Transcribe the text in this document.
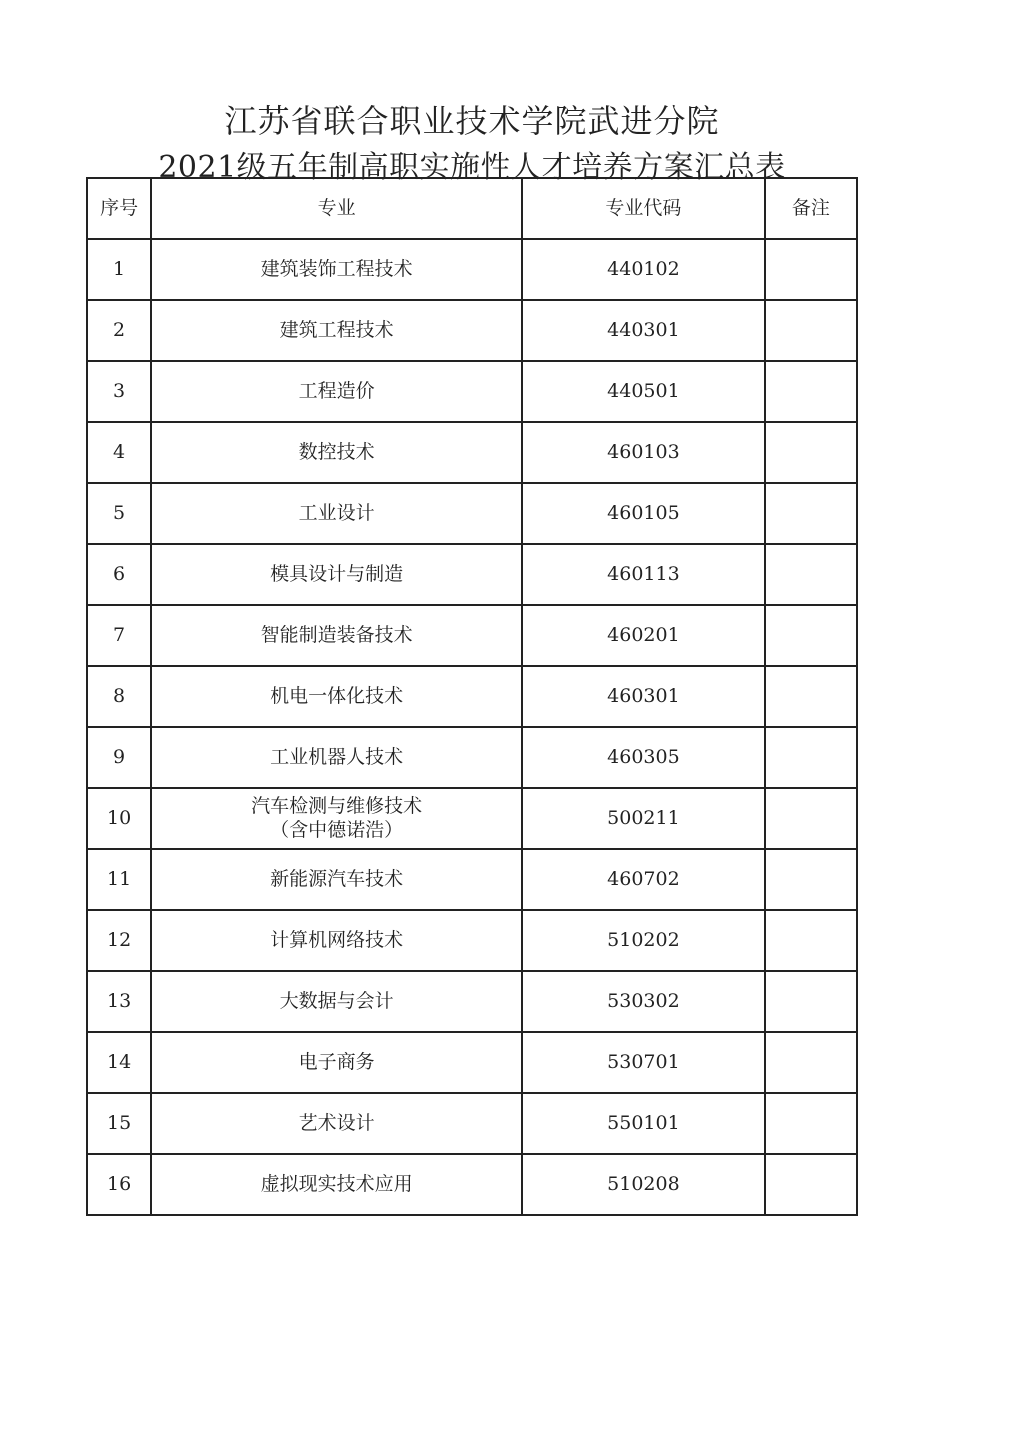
江苏省联合职业技术学院武进分院
2021级五年制高职实施性人才培养方案汇总表
序号	专业	专业代码	备注
1	建筑装饰工程技术	440102	
2	建筑工程技术	440301	
3	工程造价	440501	
4	数控技术	460103	
5	工业设计	460105	
6	模具设计与制造	460113	
7	智能制造装备技术	460201	
8	机电一体化技术	460301	
9	工业机器人技术	460305	
10	汽车检测与维修技术
（含中德诺浩）	500211	
11	新能源汽车技术	460702	
12	计算机网络技术	510202	
13	大数据与会计	530302	
14	电子商务	530701	
15	艺术设计	550101	
16	虚拟现实技术应用	510208	
